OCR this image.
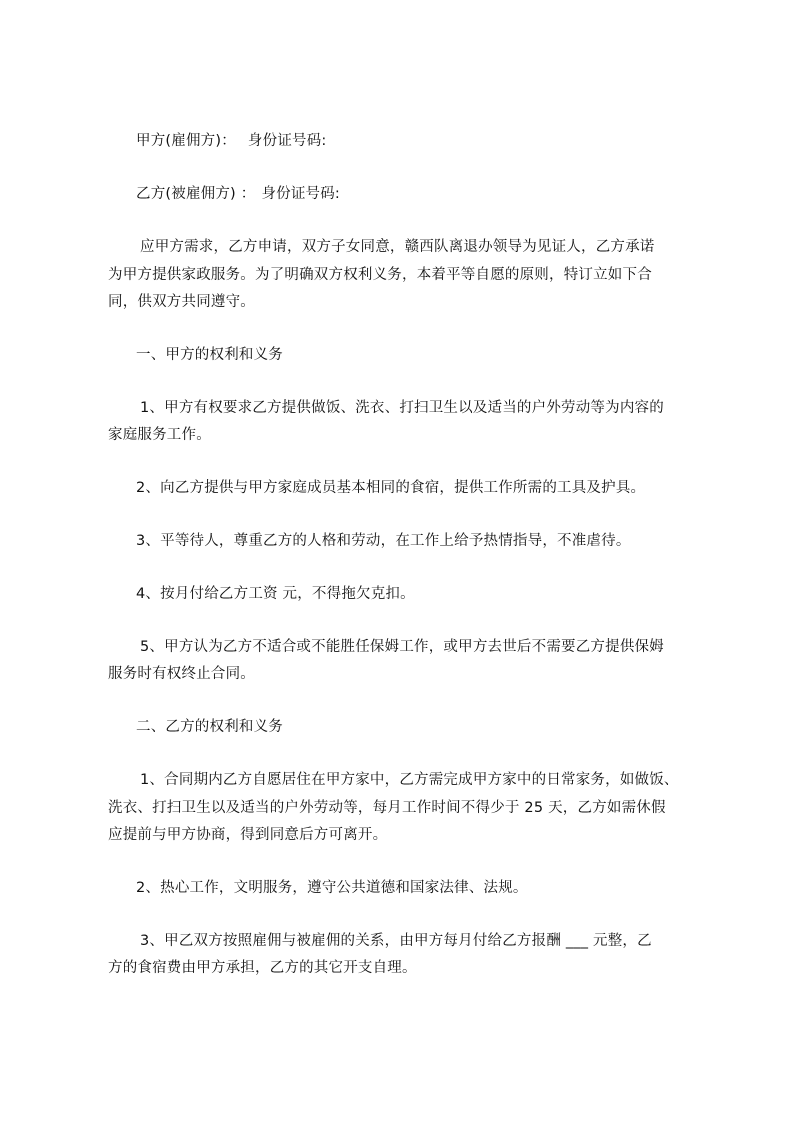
甲方(雇佣方)： 身份证号码:
乙方(被雇佣方) ： 身份证号码:
应甲方需求，乙方申请，双方子女同意，赣西队离退办领导为见证人，乙方承诺
为甲方提供家政服务。为了明确双方权利义务，本着平等自愿的原则，特订立如下合
同，供双方共同遵守。
一、甲方的权利和义务
1、甲方有权要求乙方提供做饭、洗衣、打扫卫生以及适当的户外劳动等为内容的
家庭服务工作。
2、向乙方提供与甲方家庭成员基本相同的食宿，提供工作所需的工具及护具。
3、平等待人，尊重乙方的人格和劳动，在工作上给予热情指导，不准虐待。
4、按月付给乙方工资 元，不得拖欠克扣。
5、甲方认为乙方不适合或不能胜任保姆工作，或甲方去世后不需要乙方提供保姆
服务时有权终止合同。
二、乙方的权利和义务
1、合同期内乙方自愿居住在甲方家中，乙方需完成甲方家中的日常家务，如做饭、
洗衣、打扫卫生以及适当的户外劳动等，每月工作时间不得少于 25 天，乙方如需休假
应提前与甲方协商，得到同意后方可离开。
2、热心工作，文明服务，遵守公共道德和国家法律、法规。
3、甲乙双方按照雇佣与被雇佣的关系，由甲方每月付给乙方报酬 ___ 元整，乙
方的食宿费由甲方承担，乙方的其它开支自理。
